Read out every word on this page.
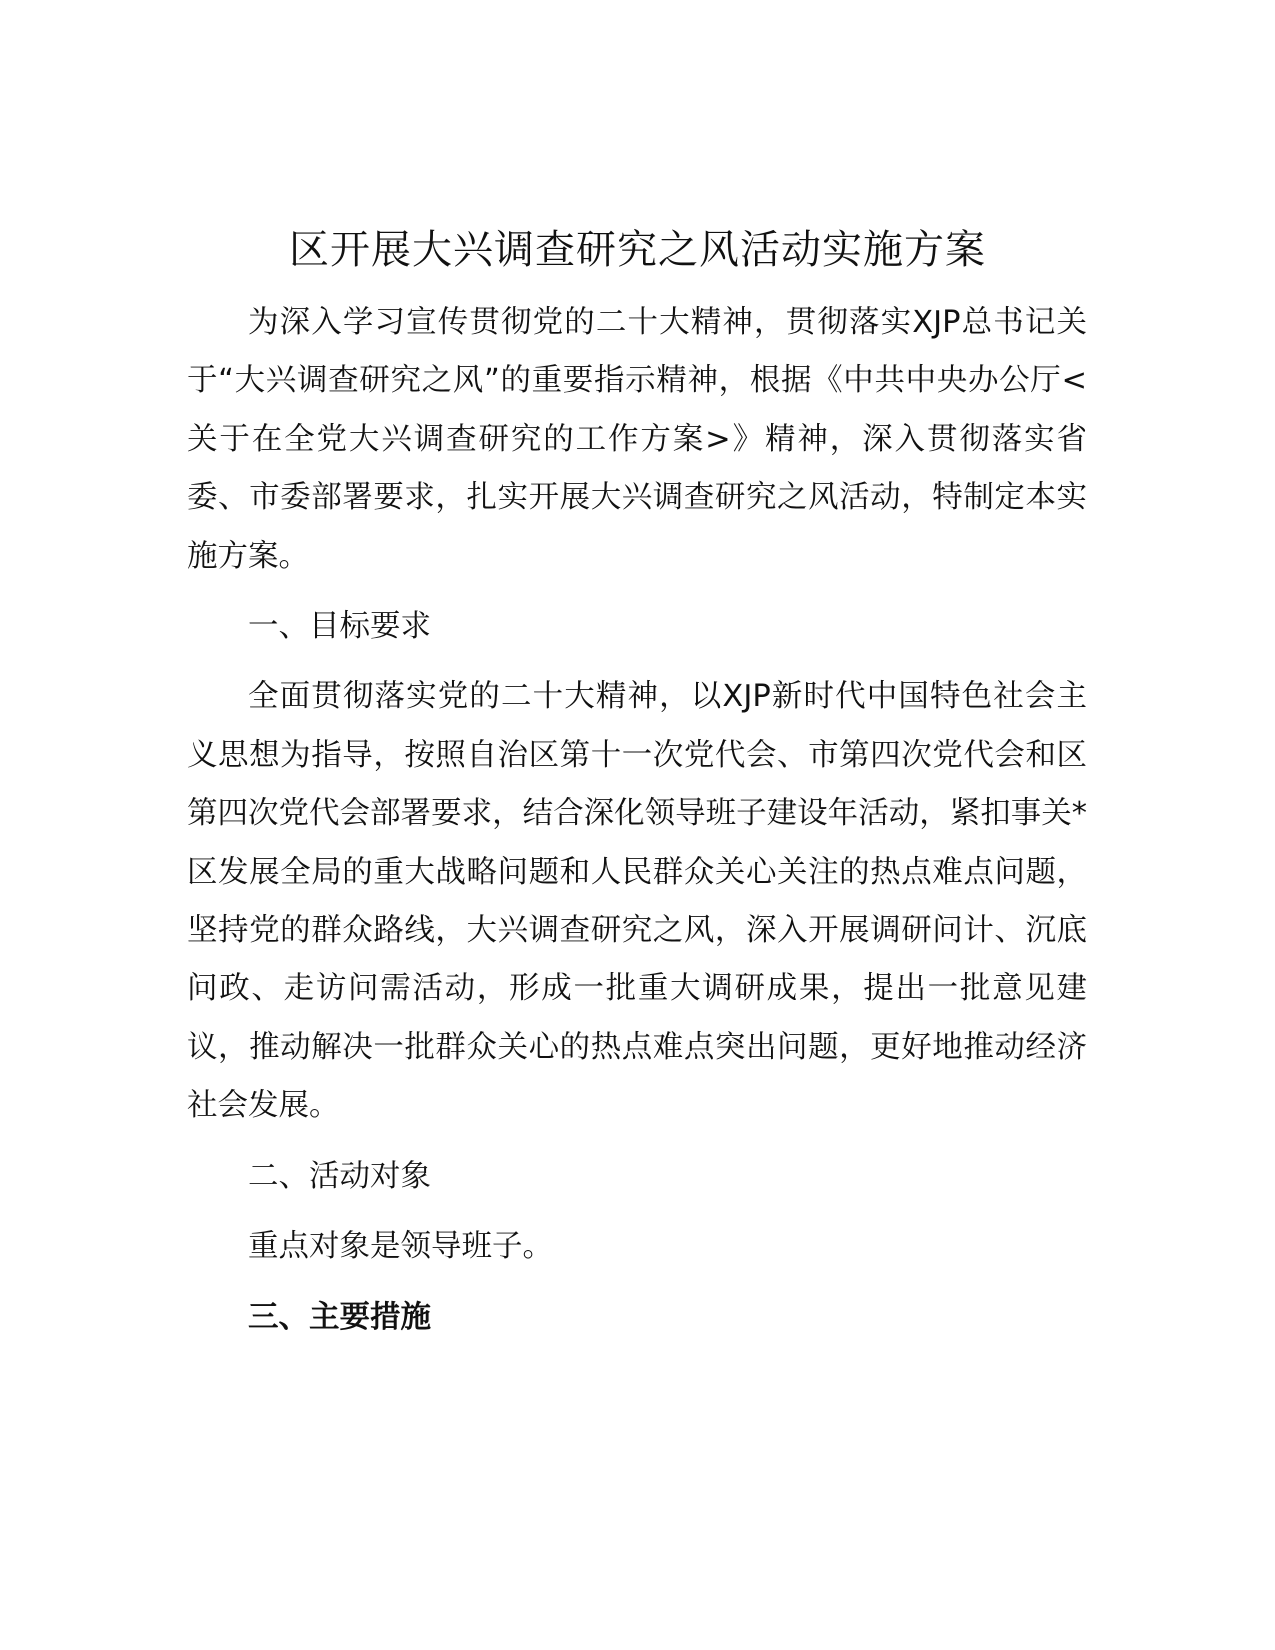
区开展大兴调查研究之风活动实施方案

为深入学习宣传贯彻党的二十大精神，贯彻落实XJP总书记关于“大兴调查研究之风”的重要指示精神，根据《中共中央办公厅<关于在全党大兴调查研究的工作方案>》精神，深入贯彻落实省委、市委部署要求，扎实开展大兴调查研究之风活动，特制定本实施方案。

一、目标要求

全面贯彻落实党的二十大精神，以XJP新时代中国特色社会主义思想为指导，按照自治区第十一次党代会、市第四次党代会和区第四次党代会部署要求，结合深化领导班子建设年活动，紧扣事关*区发展全局的重大战略问题和人民群众关心关注的热点难点问题，坚持党的群众路线，大兴调查研究之风，深入开展调研问计、沉底问政、走访问需活动，形成一批重大调研成果，提出一批意见建议，推动解决一批群众关心的热点难点突出问题，更好地推动经济社会发展。

二、活动对象

重点对象是领导班子。

三、主要措施
